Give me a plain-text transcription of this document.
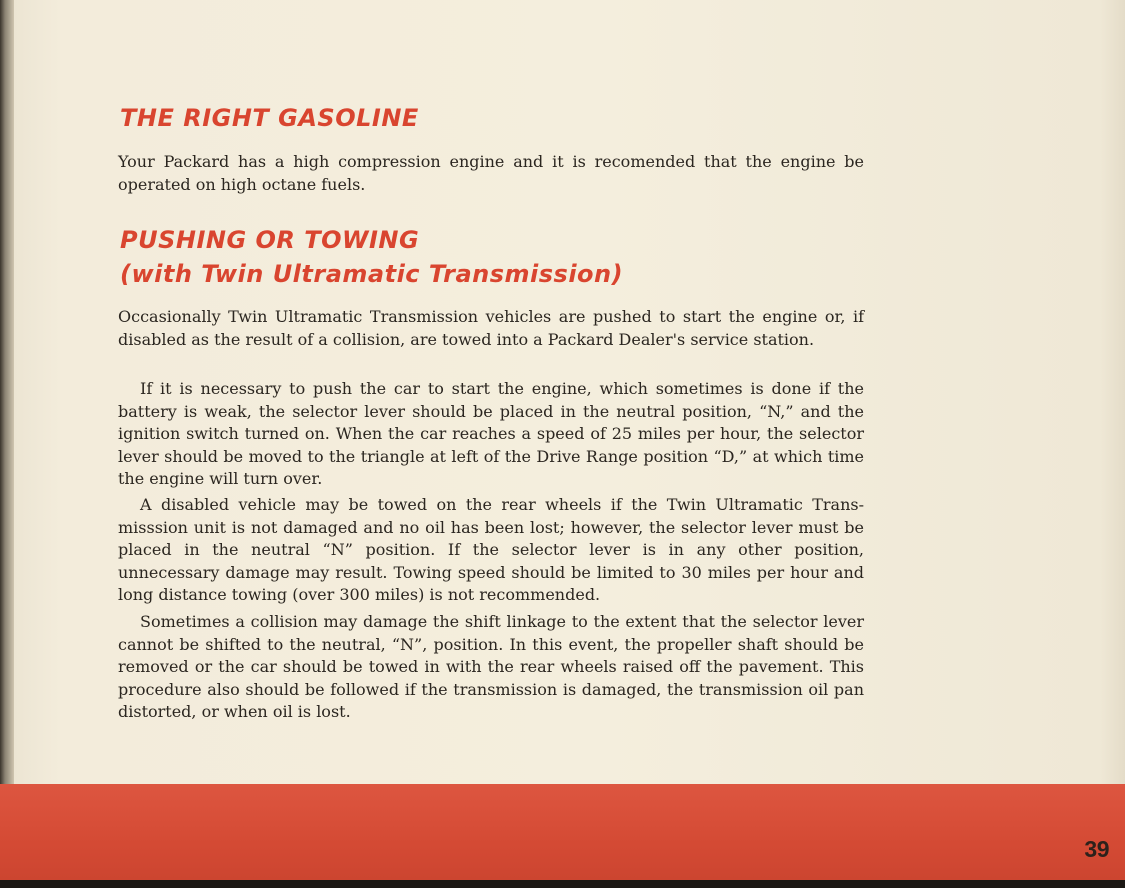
THE RIGHT GASOLINE

Your Packard has a high compression engine and it is recomended that the engine be operated on high octane fuels.

PUSHING OR TOWING
(with Twin Ultramatic Transmission)

Occasionally Twin Ultramatic Transmission vehicles are pushed to start the engine or, if disabled as the result of a collision, are towed into a Packard Dealer's service station.

If it is necessary to push the car to start the engine, which sometimes is done if the battery is weak, the selector lever should be placed in the neutral position, “N,” and the ignition switch turned on. When the car reaches a speed of 25 miles per hour, the selector lever should be moved to the triangle at left of the Drive Range position “D,” at which time the engine will turn over.

A disabled vehicle may be towed on the rear wheels if the Twin Ultramatic Transmisssion unit is not damaged and no oil has been lost; however, the selector lever must be placed in the neutral “N” position. If the selector lever is in any other position, unnecessary damage may result. Towing speed should be limited to 30 miles per hour and long distance towing (over 300 miles) is not recommended.

Sometimes a collision may damage the shift linkage to the extent that the selector lever cannot be shifted to the neutral, “N”, position. In this event, the propeller shaft should be removed or the car should be towed in with the rear wheels raised off the pavement. This procedure also should be followed if the transmission is damaged, the transmission oil pan distorted, or when oil is lost.

39
